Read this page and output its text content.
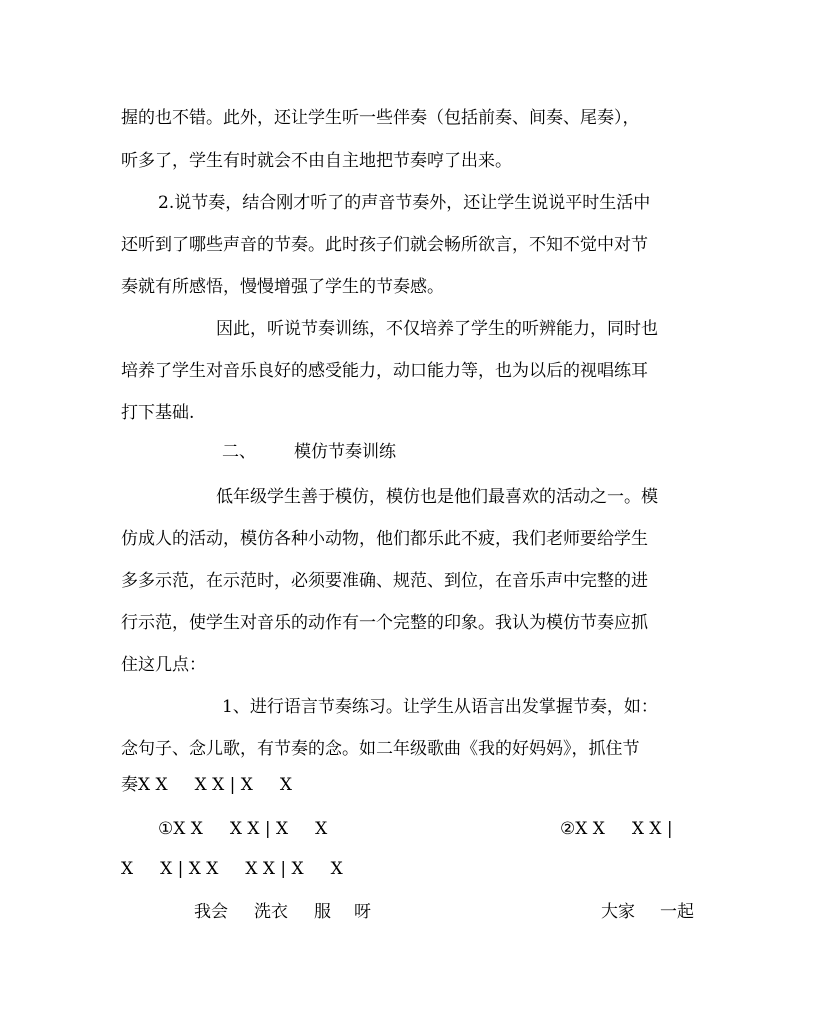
握的也不错。此外，还让学生听一些伴奏（包括前奏、间奏、尾奏），
听多了，学生有时就会不由自主地把节奏哼了出来。
2.说节奏，结合刚才听了的声音节奏外，还让学生说说平时生活中
还听到了哪些声音的节奏。此时孩子们就会畅所欲言，不知不觉中对节
奏就有所感悟，慢慢增强了学生的节奏感。
因此，听说节奏训练，不仅培养了学生的听辨能力，同时也
培养了学生对音乐良好的感受能力，动口能力等，也为以后的视唱练耳
打下基础.
二、 模仿节奏训练
低年级学生善于模仿，模仿也是他们最喜欢的活动之一。模
仿成人的活动，模仿各种小动物，他们都乐此不疲，我们老师要给学生
多多示范，在示范时，必须要准确、规范、到位，在音乐声中完整的进
行示范，使学生对音乐的动作有一个完整的印象。我认为模仿节奏应抓
住这几点：
1、进行语言节奏练习。让学生从语言出发掌握节奏，如：
念句子、念儿歌，有节奏的念。如二年级歌曲《我的好妈妈》，抓住节
奏X X     X X | X     X
①X X     X X | X     X	②X X     X X |
X     X | X X     X X | X     X
我会 洗衣 服 呀	大家 一起
